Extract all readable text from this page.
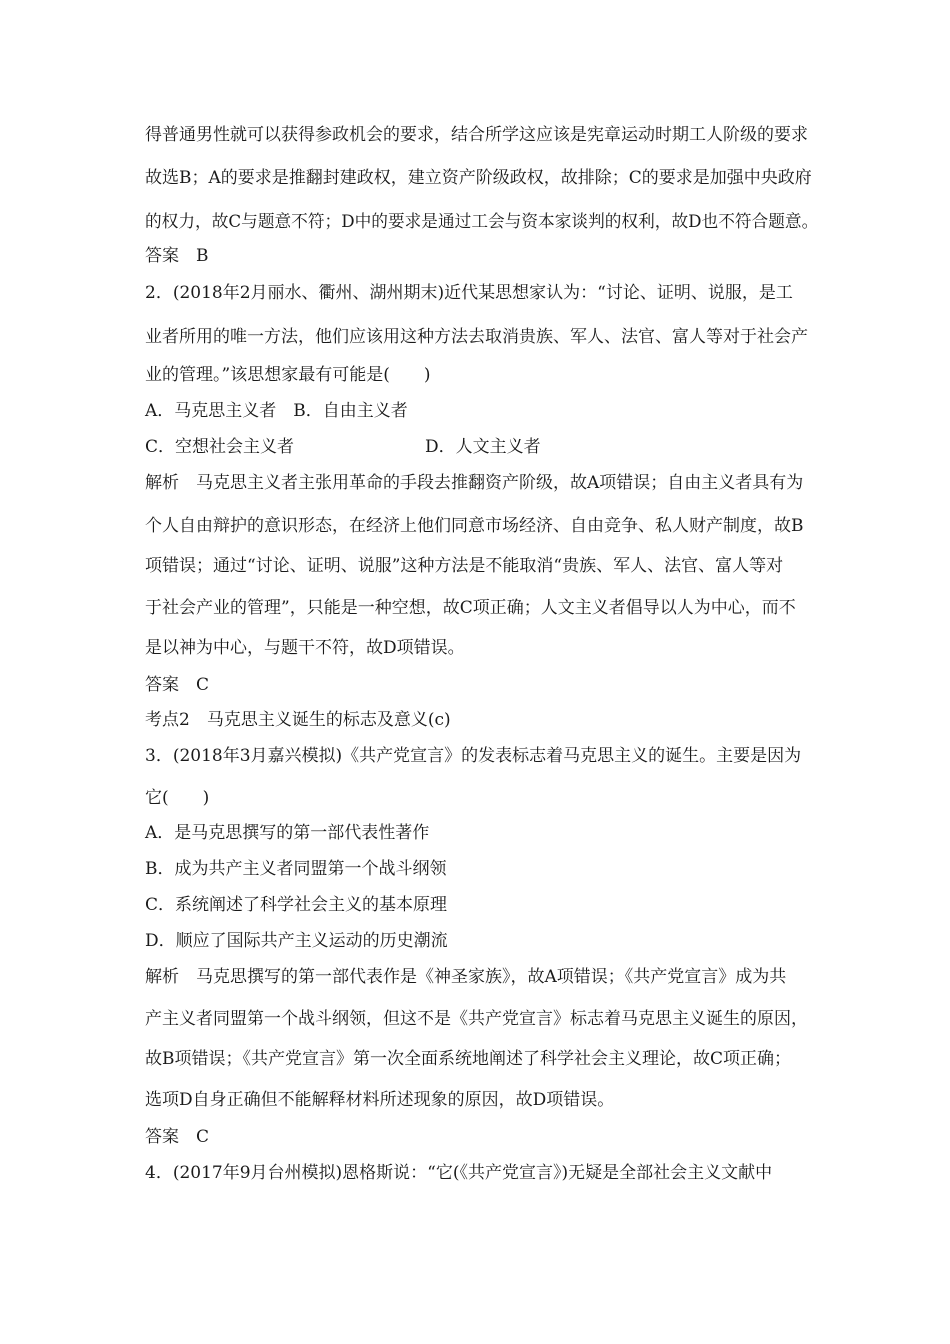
得普通男性就可以获得参政机会的要求，结合所学这应该是宪章运动时期工人阶级的要求
故选B；A的要求是推翻封建政权，建立资产阶级政权，故排除；C的要求是加强中央政府
的权力，故C与题意不符；D中的要求是通过工会与资本家谈判的权利，故D也不符合题意。
答案　B
2．(2018年2月丽水、衢州、湖州期末)近代某思想家认为：“讨论、证明、说服，是工
业者所用的唯一方法，他们应该用这种方法去取消贵族、军人、法官、富人等对于社会产
业的管理。”该思想家最有可能是(　　)
A．马克思主义者　B．自由主义者
C．空想社会主义者	D．人文主义者
解析　马克思主义者主张用革命的手段去推翻资产阶级，故A项错误；自由主义者具有为
个人自由辩护的意识形态，在经济上他们同意市场经济、自由竞争、私人财产制度，故B
项错误；通过“讨论、证明、说服”这种方法是不能取消“贵族、军人、法官、富人等对
于社会产业的管理”，只能是一种空想，故C项正确；人文主义者倡导以人为中心，而不
是以神为中心，与题干不符，故D项错误。
答案　C
考点2　马克思主义诞生的标志及意义(c)
3．(2018年3月嘉兴模拟)《共产党宣言》的发表标志着马克思主义的诞生。主要是因为
它(　　)
A．是马克思撰写的第一部代表性著作
B．成为共产主义者同盟第一个战斗纲领
C．系统阐述了科学社会主义的基本原理
D．顺应了国际共产主义运动的历史潮流
解析　马克思撰写的第一部代表作是《神圣家族》，故A项错误；《共产党宣言》成为共
产主义者同盟第一个战斗纲领，但这不是《共产党宣言》标志着马克思主义诞生的原因，
故B项错误；《共产党宣言》第一次全面系统地阐述了科学社会主义理论，故C项正确；
选项D自身正确但不能解释材料所述现象的原因，故D项错误。
答案　C
4．(2017年9月台州模拟)恩格斯说：“它(《共产党宣言》)无疑是全部社会主义文献中
